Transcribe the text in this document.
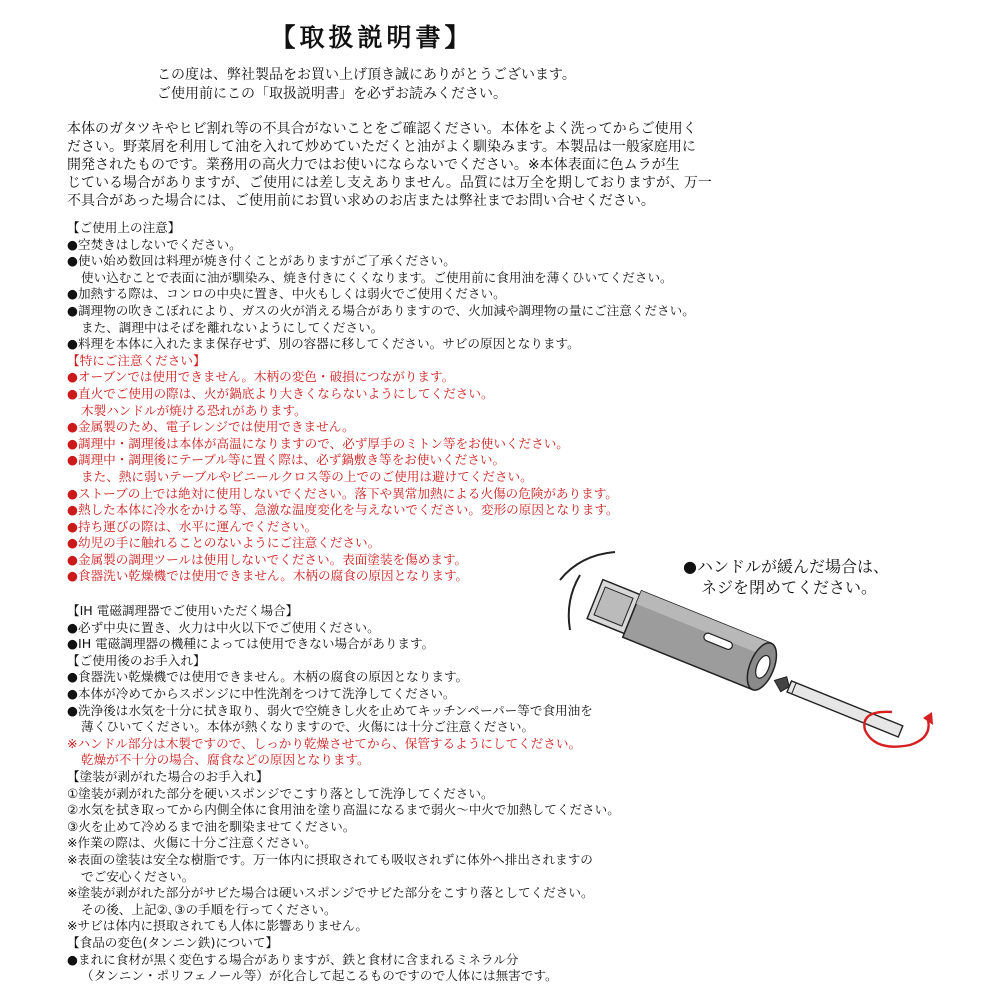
【取扱説明書】
この度は、弊社製品をお買い上げ頂き誠にありがとうございます。
ご使用前にこの「取扱説明書」を必ずお読みください。
本体のガタツキやヒビ割れ等の不具合がないことをご確認ください。本体をよく洗ってからご使用く
ださい。野菜屑を利用して油を入れて炒めていただくと油がよく馴染みます。本製品は一般家庭用に
開発されたものです。業務用の高火力ではお使いにならないでください。※本体表面に色ムラが生
じている場合がありますが、ご使用には差し支えありません。品質には万全を期しておりますが、万一
不具合があった場合には、ご使用前にお買い求めのお店または弊社までお問い合せください。
【ご使用上の注意】
●空焚きはしないでください。
●使い始め数回は料理が焼き付くことがありますがご了承ください。
使い込むことで表面に油が馴染み、焼き付きにくくなります。ご使用前に食用油を薄くひいてください。
●加熱する際は、コンロの中央に置き、中火もしくは弱火でご使用ください。
●調理物の吹きこぼれにより、ガスの火が消える場合がありますので、火加減や調理物の量にご注意ください。
また、調理中はそばを離れないようにしてください。
●料理を本体に入れたまま保存せず、別の容器に移してください。サビの原因となります。
【特にご注意ください】
●オーブンでは使用できません。木柄の変色・破損につながります。
●直火でご使用の際は、火が鍋底より大きくならないようにしてください。
木製ハンドルが焼ける恐れがあります。
●金属製のため、電子レンジでは使用できません。
●調理中・調理後は本体が高温になりますので、必ず厚手のミトン等をお使いください。
●調理中・調理後にテーブル等に置く際は、必ず鍋敷き等をお使いください。
また、熱に弱いテーブルやビニールクロス等の上でのご使用は避けてください。
●ストーブの上では絶対に使用しないでください。落下や異常加熱による火傷の危険があります。
●熱した本体に冷水をかける等、急激な温度変化を与えないでください。変形の原因となります。
●持ち運びの際は、水平に運んでください。
●幼児の手に触れることのないようにご注意ください。
●金属製の調理ツールは使用しないでください。表面塗装を傷めます。
●食器洗い乾燥機では使用できません。木柄の腐食の原因となります。
【IH 電磁調理器でご使用いただく場合】
●必ず中央に置き、火力は中火以下でご使用ください。
●IH 電磁調理器の機種によっては使用できない場合があります。
【ご使用後のお手入れ】
●食器洗い乾燥機では使用できません。木柄の腐食の原因となります。
●本体が冷めてからスポンジに中性洗剤をつけて洗浄してください。
●洗浄後は水気を十分に拭き取り、弱火で空焼きし火を止めてキッチンペーパー等で食用油を
薄くひいてください。本体が熱くなりますので、火傷には十分ご注意ください。
※ハンドル部分は木製ですので、しっかり乾燥させてから、保管するようにしてください。
乾燥が不十分の場合、腐食などの原因となります。
【塗装が剥がれた場合のお手入れ】
①塗装が剥がれた部分を硬いスポンジでこすり落として洗浄してください。
②水気を拭き取ってから内側全体に食用油を塗り高温になるまで弱火～中火で加熱してください。
③火を止めて冷めるまで油を馴染ませてください。
※作業の際は、火傷に十分ご注意ください。
※表面の塗装は安全な樹脂です。万一体内に摂取されても吸収されずに体外へ排出されますの
でご安心ください。
※塗装が剥がれた部分がサビた場合は硬いスポンジでサビた部分をこすり落としてください。
その後、上記②､③の手順を行ってください。
※サビは体内に摂取されても人体に影響ありません。
【食品の変色(タンニン鉄)について】
●まれに食材が黒く変色する場合がありますが、鉄と食材に含まれるミネラル分
（タンニン・ポリフェノール等）が化合して起こるものですので人体には無害です。
●ハンドルが緩んだ場合は、
ネジを閉めてください。
